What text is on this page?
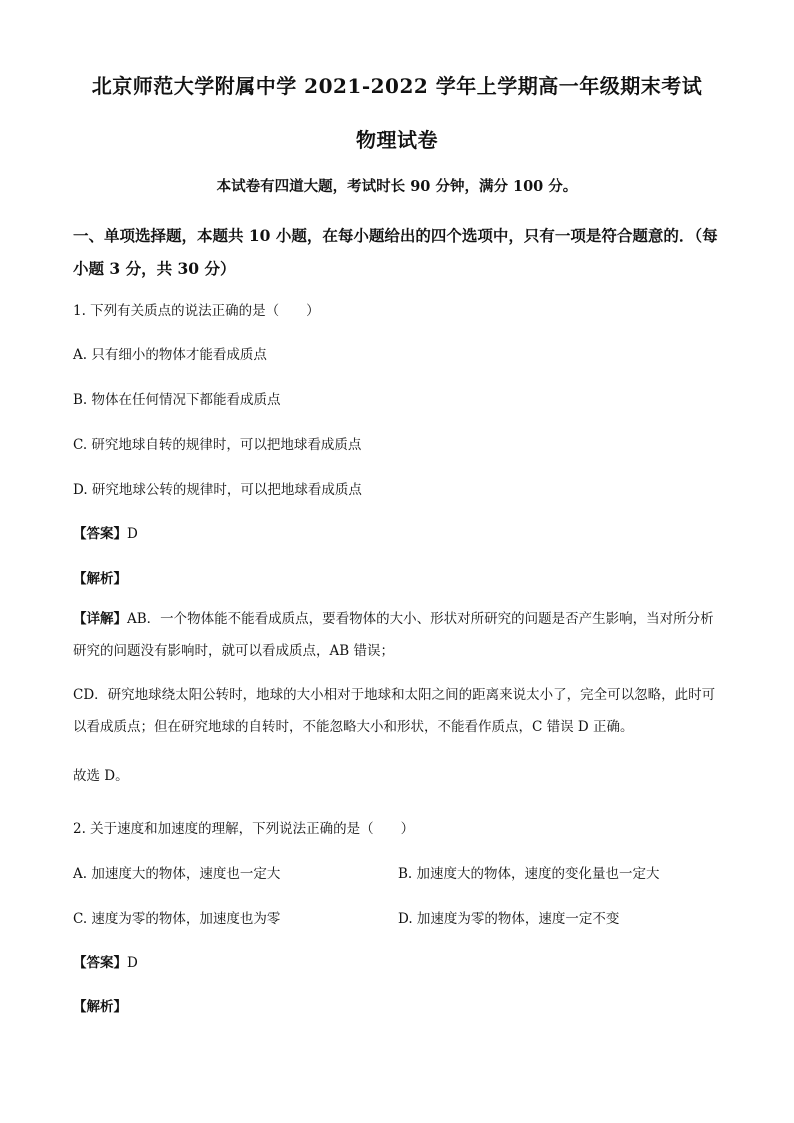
北京师范大学附属中学 2021-2022 学年上学期高一年级期末考试
物理试卷
本试卷有四道大题，考试时长 90 分钟，满分 100 分。
一、单项选择题，本题共 10 小题，在每小题给出的四个选项中，只有一项是符合题意的．（每小题 3 分，共 30 分）
1. 下列有关质点的说法正确的是（　　）
A. 只有细小的物体才能看成质点
B. 物体在任何情况下都能看成质点
C. 研究地球自转的规律时，可以把地球看成质点
D. 研究地球公转的规律时，可以把地球看成质点
【答案】D
【解析】
【详解】AB．一个物体能不能看成质点，要看物体的大小、形状对所研究的问题是否产生影响，当对所分析研究的问题没有影响时，就可以看成质点，AB 错误；
CD．研究地球绕太阳公转时，地球的大小相对于地球和太阳之间的距离来说太小了，完全可以忽略，此时可以看成质点；但在研究地球的自转时，不能忽略大小和形状，不能看作质点，C 错误 D 正确。
故选 D。
2. 关于速度和加速度的理解，下列说法正确的是（　　）
A. 加速度大的物体，速度也一定大	B. 加速度大的物体，速度的变化量也一定大
C. 速度为零的物体，加速度也为零	D. 加速度为零的物体，速度一定不变
【答案】D
【解析】
